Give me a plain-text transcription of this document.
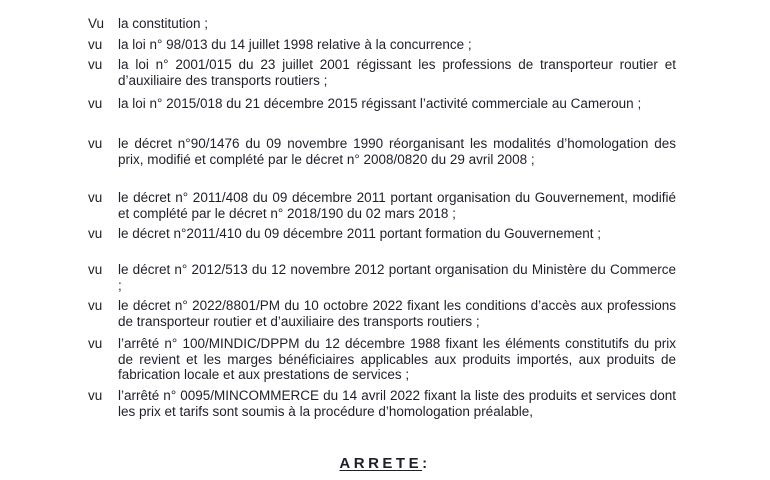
Vu	la constitution ;
vu	la loi n° 98/013 du 14 juillet 1998 relative à la concurrence ;
vu	la loi n° 2001/015 du 23 juillet 2001 régissant les professions de transporteur routier et d’auxiliaire des transports routiers ;
vu	la loi n° 2015/018 du 21 décembre 2015 régissant l’activité commerciale au Cameroun ;
vu	le décret n°90/1476 du 09 novembre 1990 réorganisant les modalités d’homologation des prix, modifié et complété par le décret n° 2008/0820 du 29 avril 2008 ;
vu	le décret n° 2011/408 du 09 décembre 2011 portant organisation du Gouvernement, modifié et complété par le décret n° 2018/190 du 02 mars 2018 ;
vu	le décret n°2011/410 du 09 décembre 2011 portant formation du Gouvernement ;
vu	le décret n° 2012/513 du 12 novembre 2012 portant organisation du Ministère du Commerce ;
vu	le décret n° 2022/8801/PM du 10 octobre 2022 fixant les conditions d’accès aux professions de transporteur routier et d’auxiliaire des transports routiers ;
vu	l’arrêté n° 100/MINDIC/DPPM du 12 décembre 1988 fixant les éléments constitutifs du prix de revient et les marges bénéficiaires applicables aux produits importés, aux produits de fabrication locale et aux prestations de services ;
vu	l’arrêté n° 0095/MINCOMMERCE du 14 avril 2022 fixant la liste des produits et services dont les prix et tarifs sont soumis à la procédure d’homologation préalable,
ARRETE:
